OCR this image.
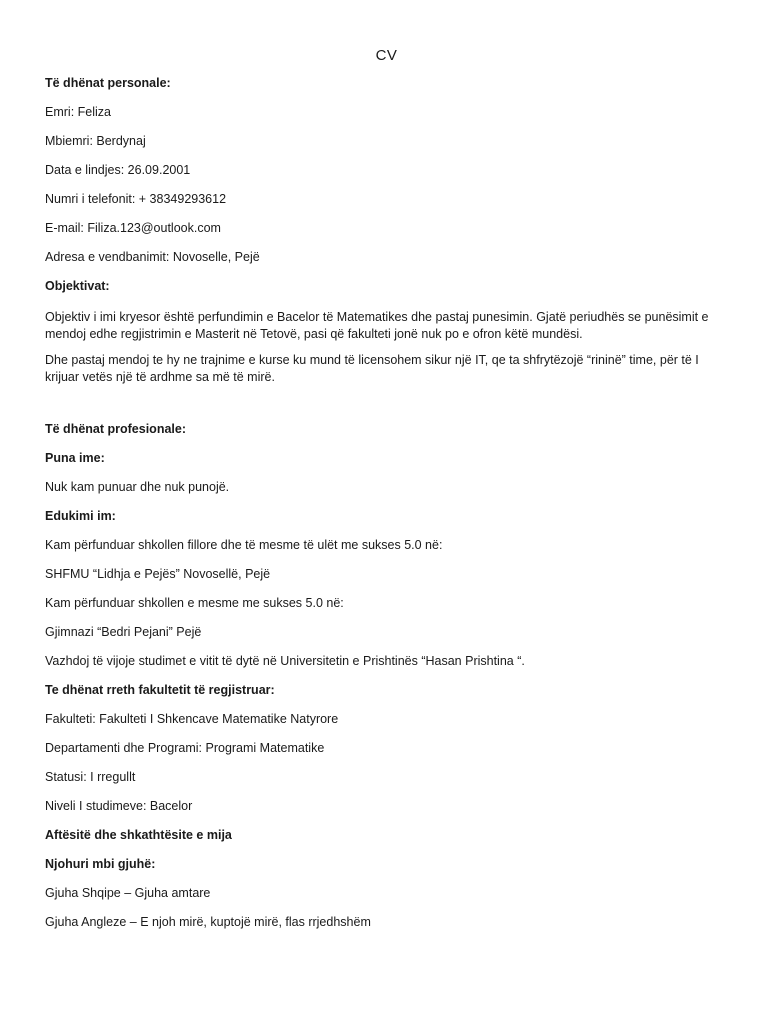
CV
Të dhënat personale:
Emri: Feliza
Mbiemri: Berdynaj
Data e lindjes: 26.09.2001
Numri i telefonit: + 38349293612
E-mail: Filiza.123@outlook.com
Adresa e vendbanimit: Novoselle, Pejë
Objektivat:

Objektiv i imi kryesor është perfundimin e Bacelor të Matematikes dhe pastaj punesimin. Gjatë periudhës se punësimit e mendoj edhe regjistrimin e Masterit në Tetovë, pasi që fakulteti jonë nuk po e ofron këtë mundësi.

Dhe pastaj mendoj te hy ne trajnime e kurse ku mund të licensohem sikur një IT, qe ta shfrytëzojë “rininë” time, për të I krijuar vetës një të ardhme sa më të mirë.

Të dhënat profesionale:
Puna ime:
Nuk kam punuar dhe nuk punojë.
Edukimi im:
Kam përfunduar shkollen fillore dhe të mesme të ulët me sukses 5.0 në:
SHFMU “Lidhja e Pejës” Novosellë, Pejë
Kam përfunduar shkollen e mesme me sukses 5.0 në:
Gjimnazi “Bedri Pejani” Pejë
Vazhdoj të vijoje studimet e vitit të dytë në Universitetin e Prishtinës “Hasan Prishtina “.
Te dhënat rreth fakultetit të regjistruar:
Fakulteti: Fakulteti I Shkencave Matematike Natyrore
Departamenti dhe Programi: Programi Matematike
Statusi: I rregullt
Niveli I studimeve: Bacelor
Aftësitë dhe shkathtësite e mija
Njohuri mbi gjuhë:
Gjuha Shqipe – Gjuha amtare
Gjuha Angleze – E njoh mirë, kuptojë mirë, flas rrjedhshëm
